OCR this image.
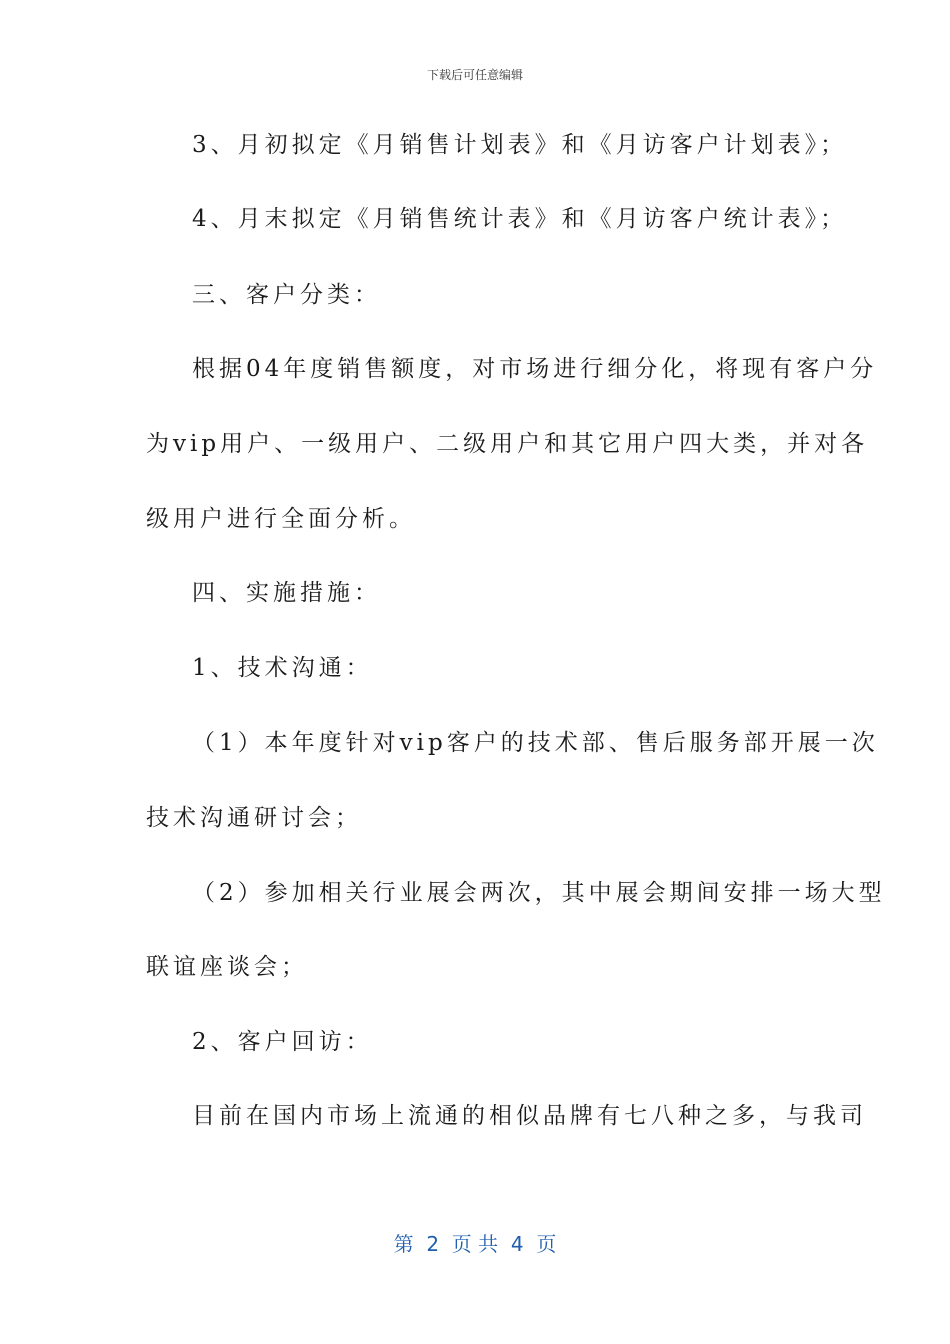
下载后可任意编辑
3、月初拟定《月销售计划表》和《月访客户计划表》；
4、月末拟定《月销售统计表》和《月访客户统计表》；
三、客户分类：
根据04年度销售额度，对市场进行细分化，将现有客户分
为vip用户、一级用户、二级用户和其它用户四大类，并对各
级用户进行全面分析。
四、实施措施：
1、技术沟通：
（1）本年度针对vip客户的技术部、售后服务部开展一次
技术沟通研讨会；
（2）参加相关行业展会两次，其中展会期间安排一场大型
联谊座谈会；
2、客户回访：
目前在国内市场上流通的相似品牌有七八种之多，与我司
第  2  页 共  4  页
